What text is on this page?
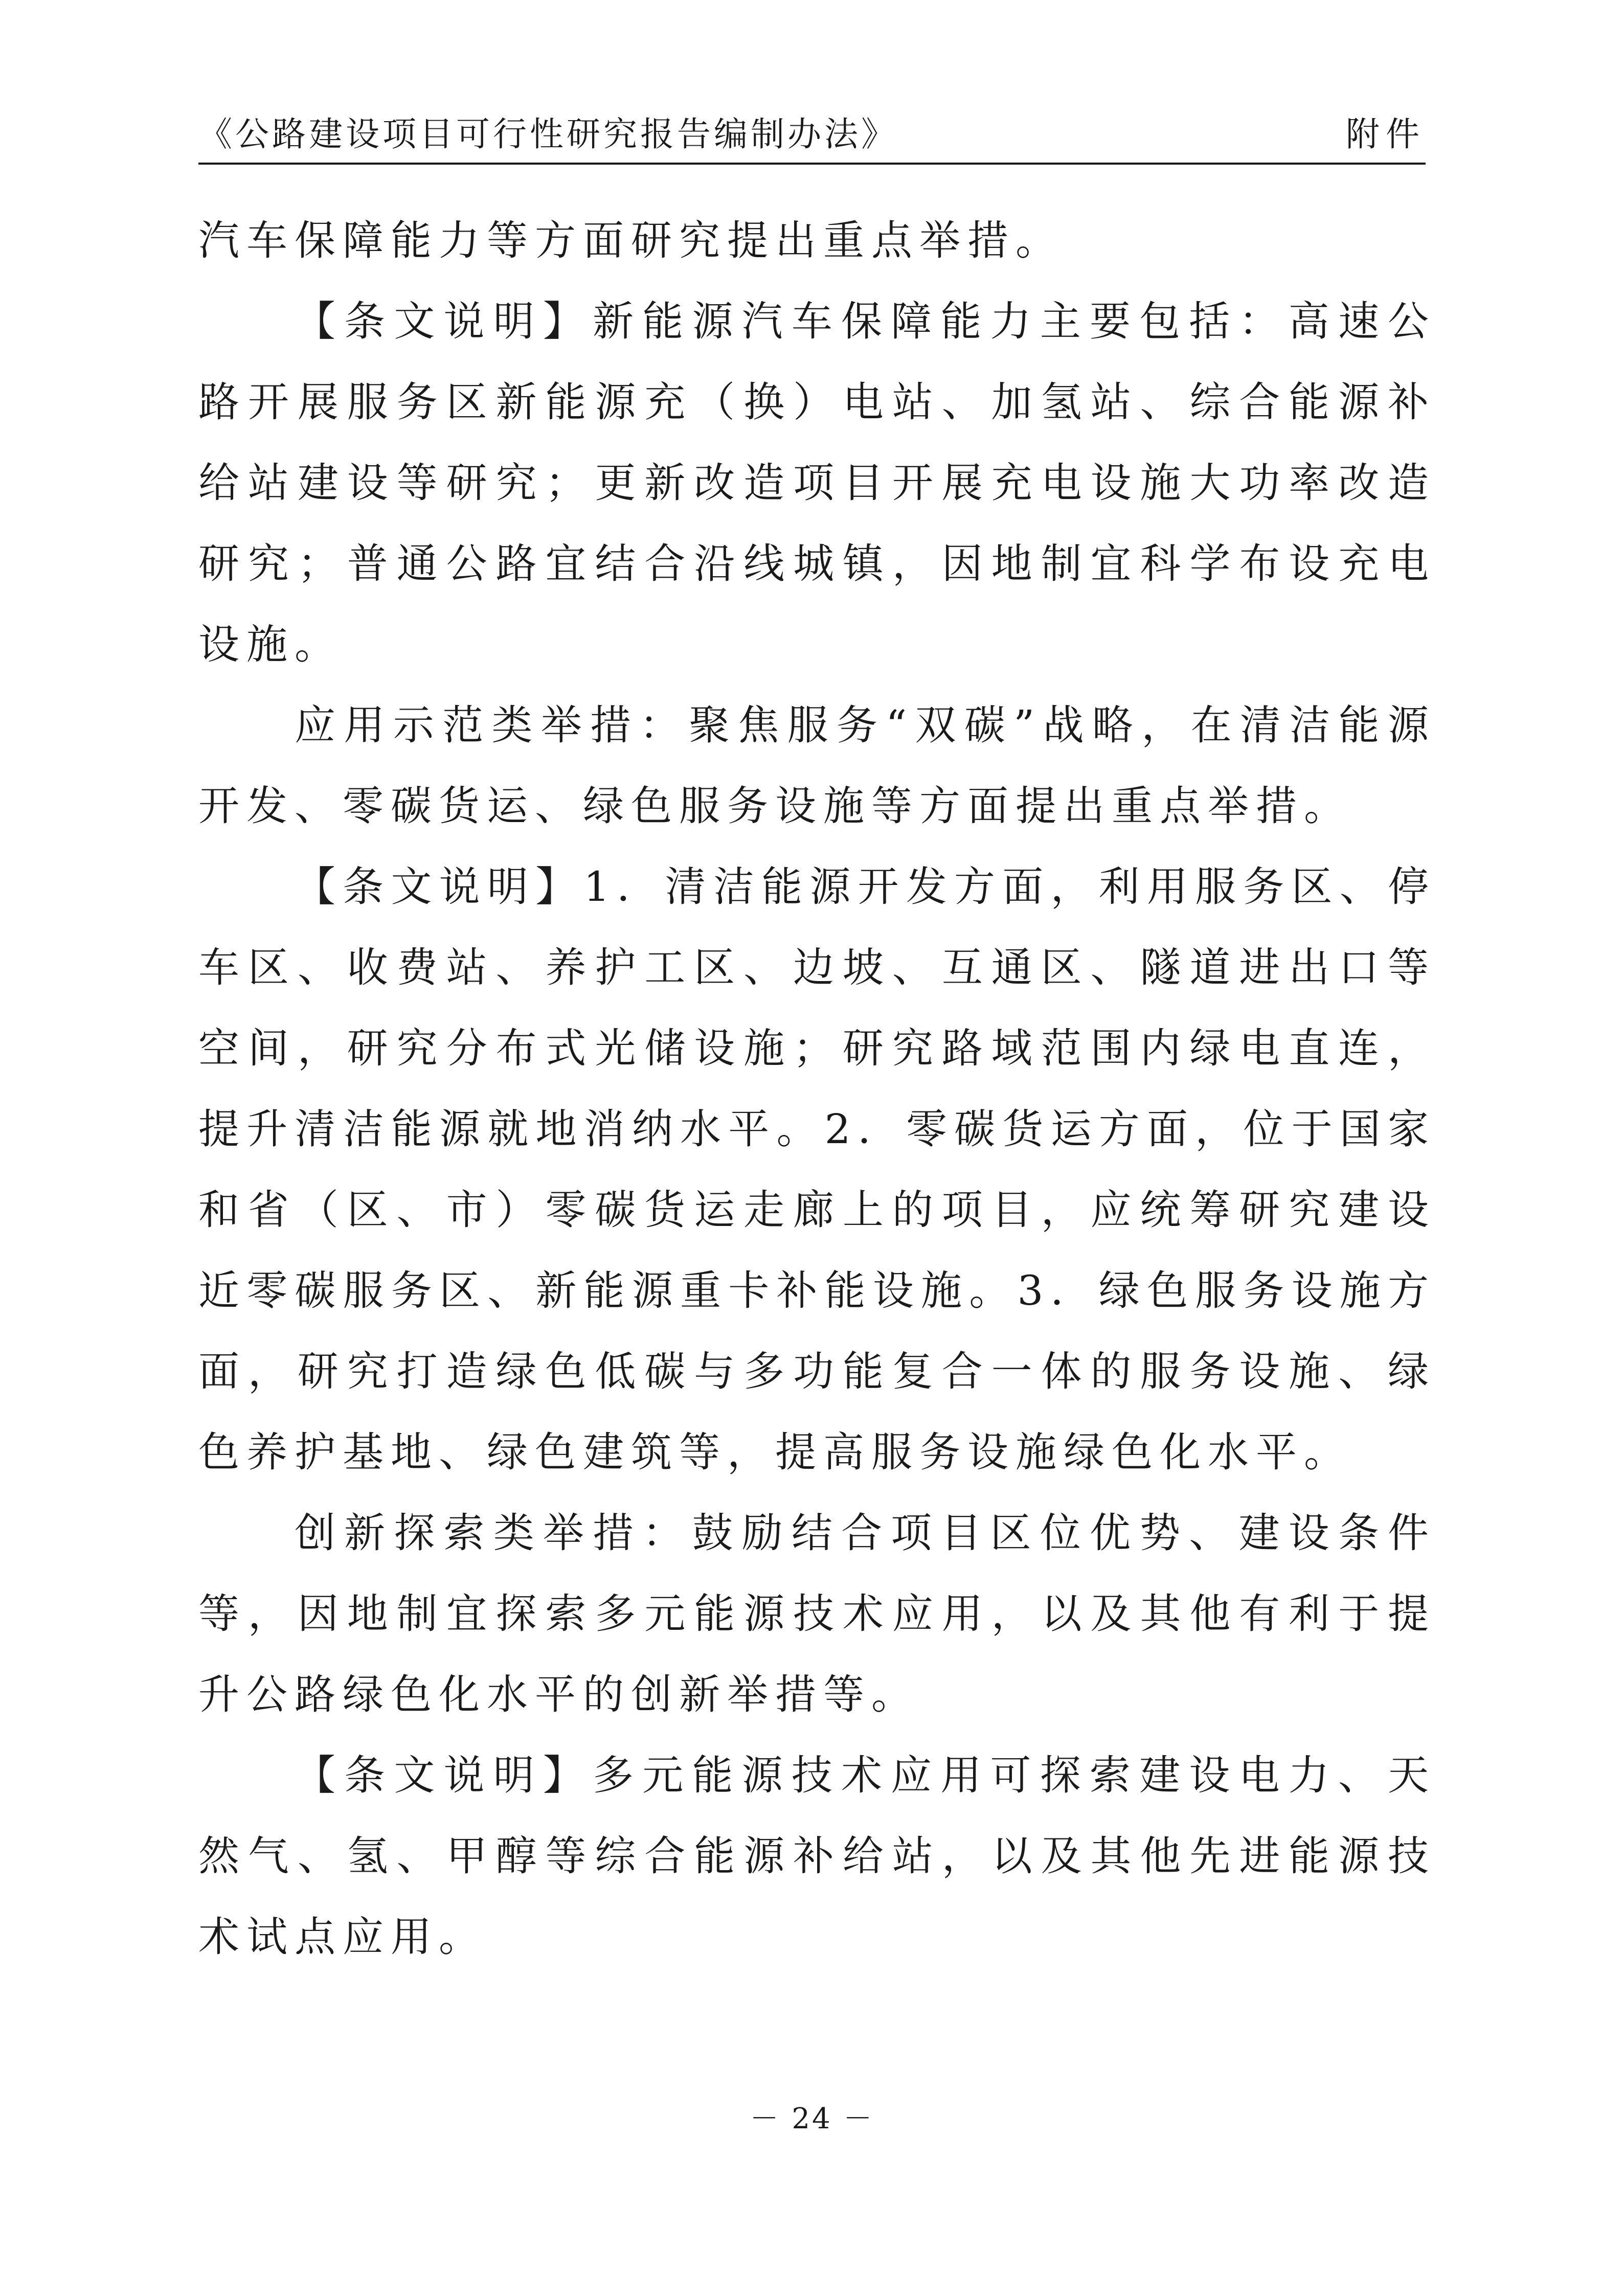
《公路建设项目可行性研究报告编制办法》	附件

汽车保障能力等方面研究提出重点举措。

【条文说明】新能源汽车保障能力主要包括：高速公路开展服务区新能源充（换）电站、加氢站、综合能源补给站建设等研究；更新改造项目开展充电设施大功率改造研究；普通公路宜结合沿线城镇，因地制宜科学布设充电设施。

应用示范类举措：聚焦服务“双碳”战略，在清洁能源开发、零碳货运、绿色服务设施等方面提出重点举措。

【条文说明】1．清洁能源开发方面，利用服务区、停车区、收费站、养护工区、边坡、互通区、隧道进出口等空间，研究分布式光储设施；研究路域范围内绿电直连，提升清洁能源就地消纳水平。2．零碳货运方面，位于国家和省（区、市）零碳货运走廊上的项目，应统筹研究建设近零碳服务区、新能源重卡补能设施。3．绿色服务设施方面，研究打造绿色低碳与多功能复合一体的服务设施、绿色养护基地、绿色建筑等，提高服务设施绿色化水平。

创新探索类举措：鼓励结合项目区位优势、建设条件等，因地制宜探索多元能源技术应用，以及其他有利于提升公路绿色化水平的创新举措等。

【条文说明】多元能源技术应用可探索建设电力、天然气、氢、甲醇等综合能源补给站，以及其他先进能源技术试点应用。

－ 24 －
